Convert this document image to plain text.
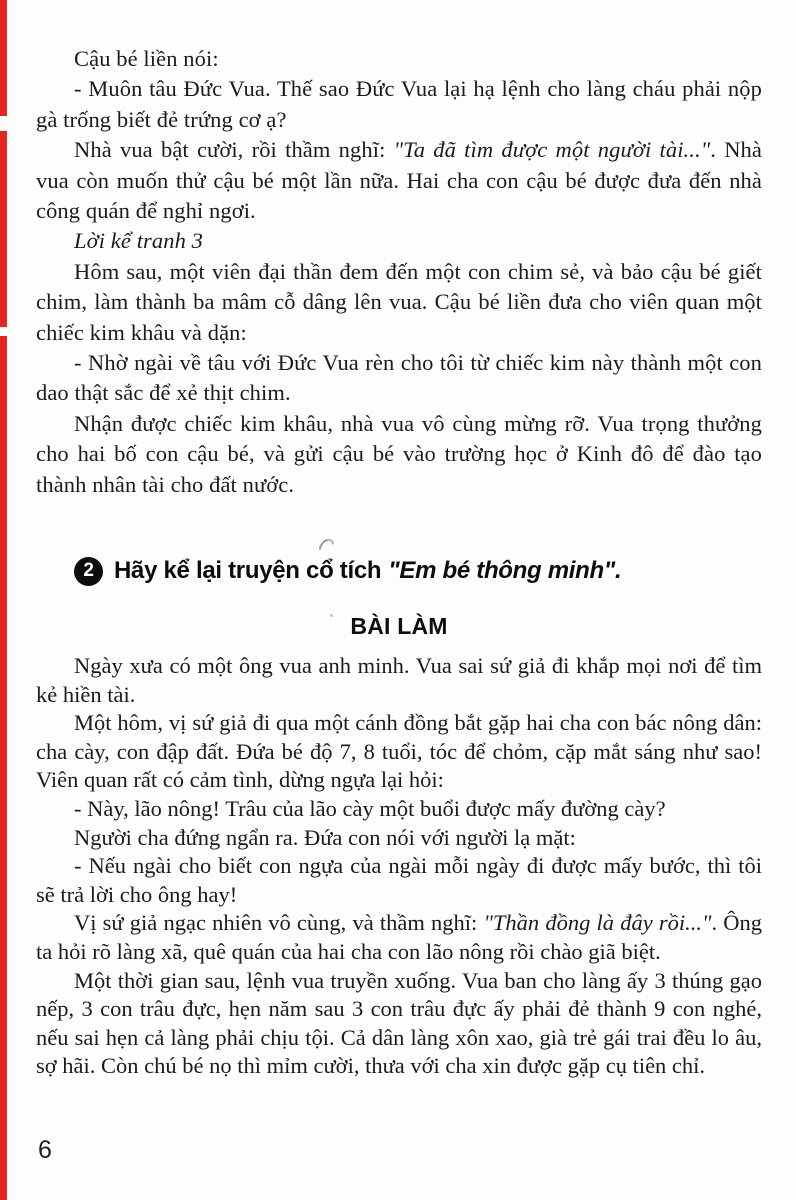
Cậu bé liền nói:

- Muôn tâu Đức Vua. Thế sao Đức Vua lại hạ lệnh cho làng cháu phải nộp gà trống biết đẻ trứng cơ ạ?

Nhà vua bật cười, rồi thầm nghĩ: "Ta đã tìm được một người tài...". Nhà vua còn muốn thử cậu bé một lần nữa. Hai cha con cậu bé được đưa đến nhà công quán để nghỉ ngơi.

Lời kể tranh 3

Hôm sau, một viên đại thần đem đến một con chim sẻ, và bảo cậu bé giết chim, làm thành ba mâm cỗ dâng lên vua. Cậu bé liền đưa cho viên quan một chiếc kim khâu và dặn:

- Nhờ ngài về tâu với Đức Vua rèn cho tôi từ chiếc kim này thành một con dao thật sắc để xẻ thịt chim.

Nhận được chiếc kim khâu, nhà vua vô cùng mừng rỡ. Vua trọng thưởng cho hai bố con cậu bé, và gửi cậu bé vào trường học ở Kinh đô để đào tạo thành nhân tài cho đất nước.

2 Hãy kể lại truyện cổ tích "Em bé thông minh".
BÀI LÀM

Ngày xưa có một ông vua anh minh. Vua sai sứ giả đi khắp mọi nơi để tìm kẻ hiền tài.

Một hôm, vị sứ giả đi qua một cánh đồng bắt gặp hai cha con bác nông dân: cha cày, con đập đất. Đứa bé độ 7, 8 tuổi, tóc để chỏm, cặp mắt sáng như sao! Viên quan rất có cảm tình, dừng ngựa lại hỏi:

- Này, lão nông! Trâu của lão cày một buổi được mấy đường cày?

Người cha đứng ngẩn ra. Đứa con nói với người lạ mặt:

- Nếu ngài cho biết con ngựa của ngài mỗi ngày đi được mấy bước, thì tôi sẽ trả lời cho ông hay!

Vị sứ giả ngạc nhiên vô cùng, và thầm nghĩ: "Thần đồng là đây rồi...". Ông ta hỏi rõ làng xã, quê quán của hai cha con lão nông rồi chào giã biệt.

Một thời gian sau, lệnh vua truyền xuống. Vua ban cho làng ấy 3 thúng gạo nếp, 3 con trâu đực, hẹn năm sau 3 con trâu đực ấy phải đẻ thành 9 con nghé, nếu sai hẹn cả làng phải chịu tội. Cả dân làng xôn xao, già trẻ gái trai đều lo âu, sợ hãi. Còn chú bé nọ thì mỉm cười, thưa với cha xin được gặp cụ tiên chỉ.

6
